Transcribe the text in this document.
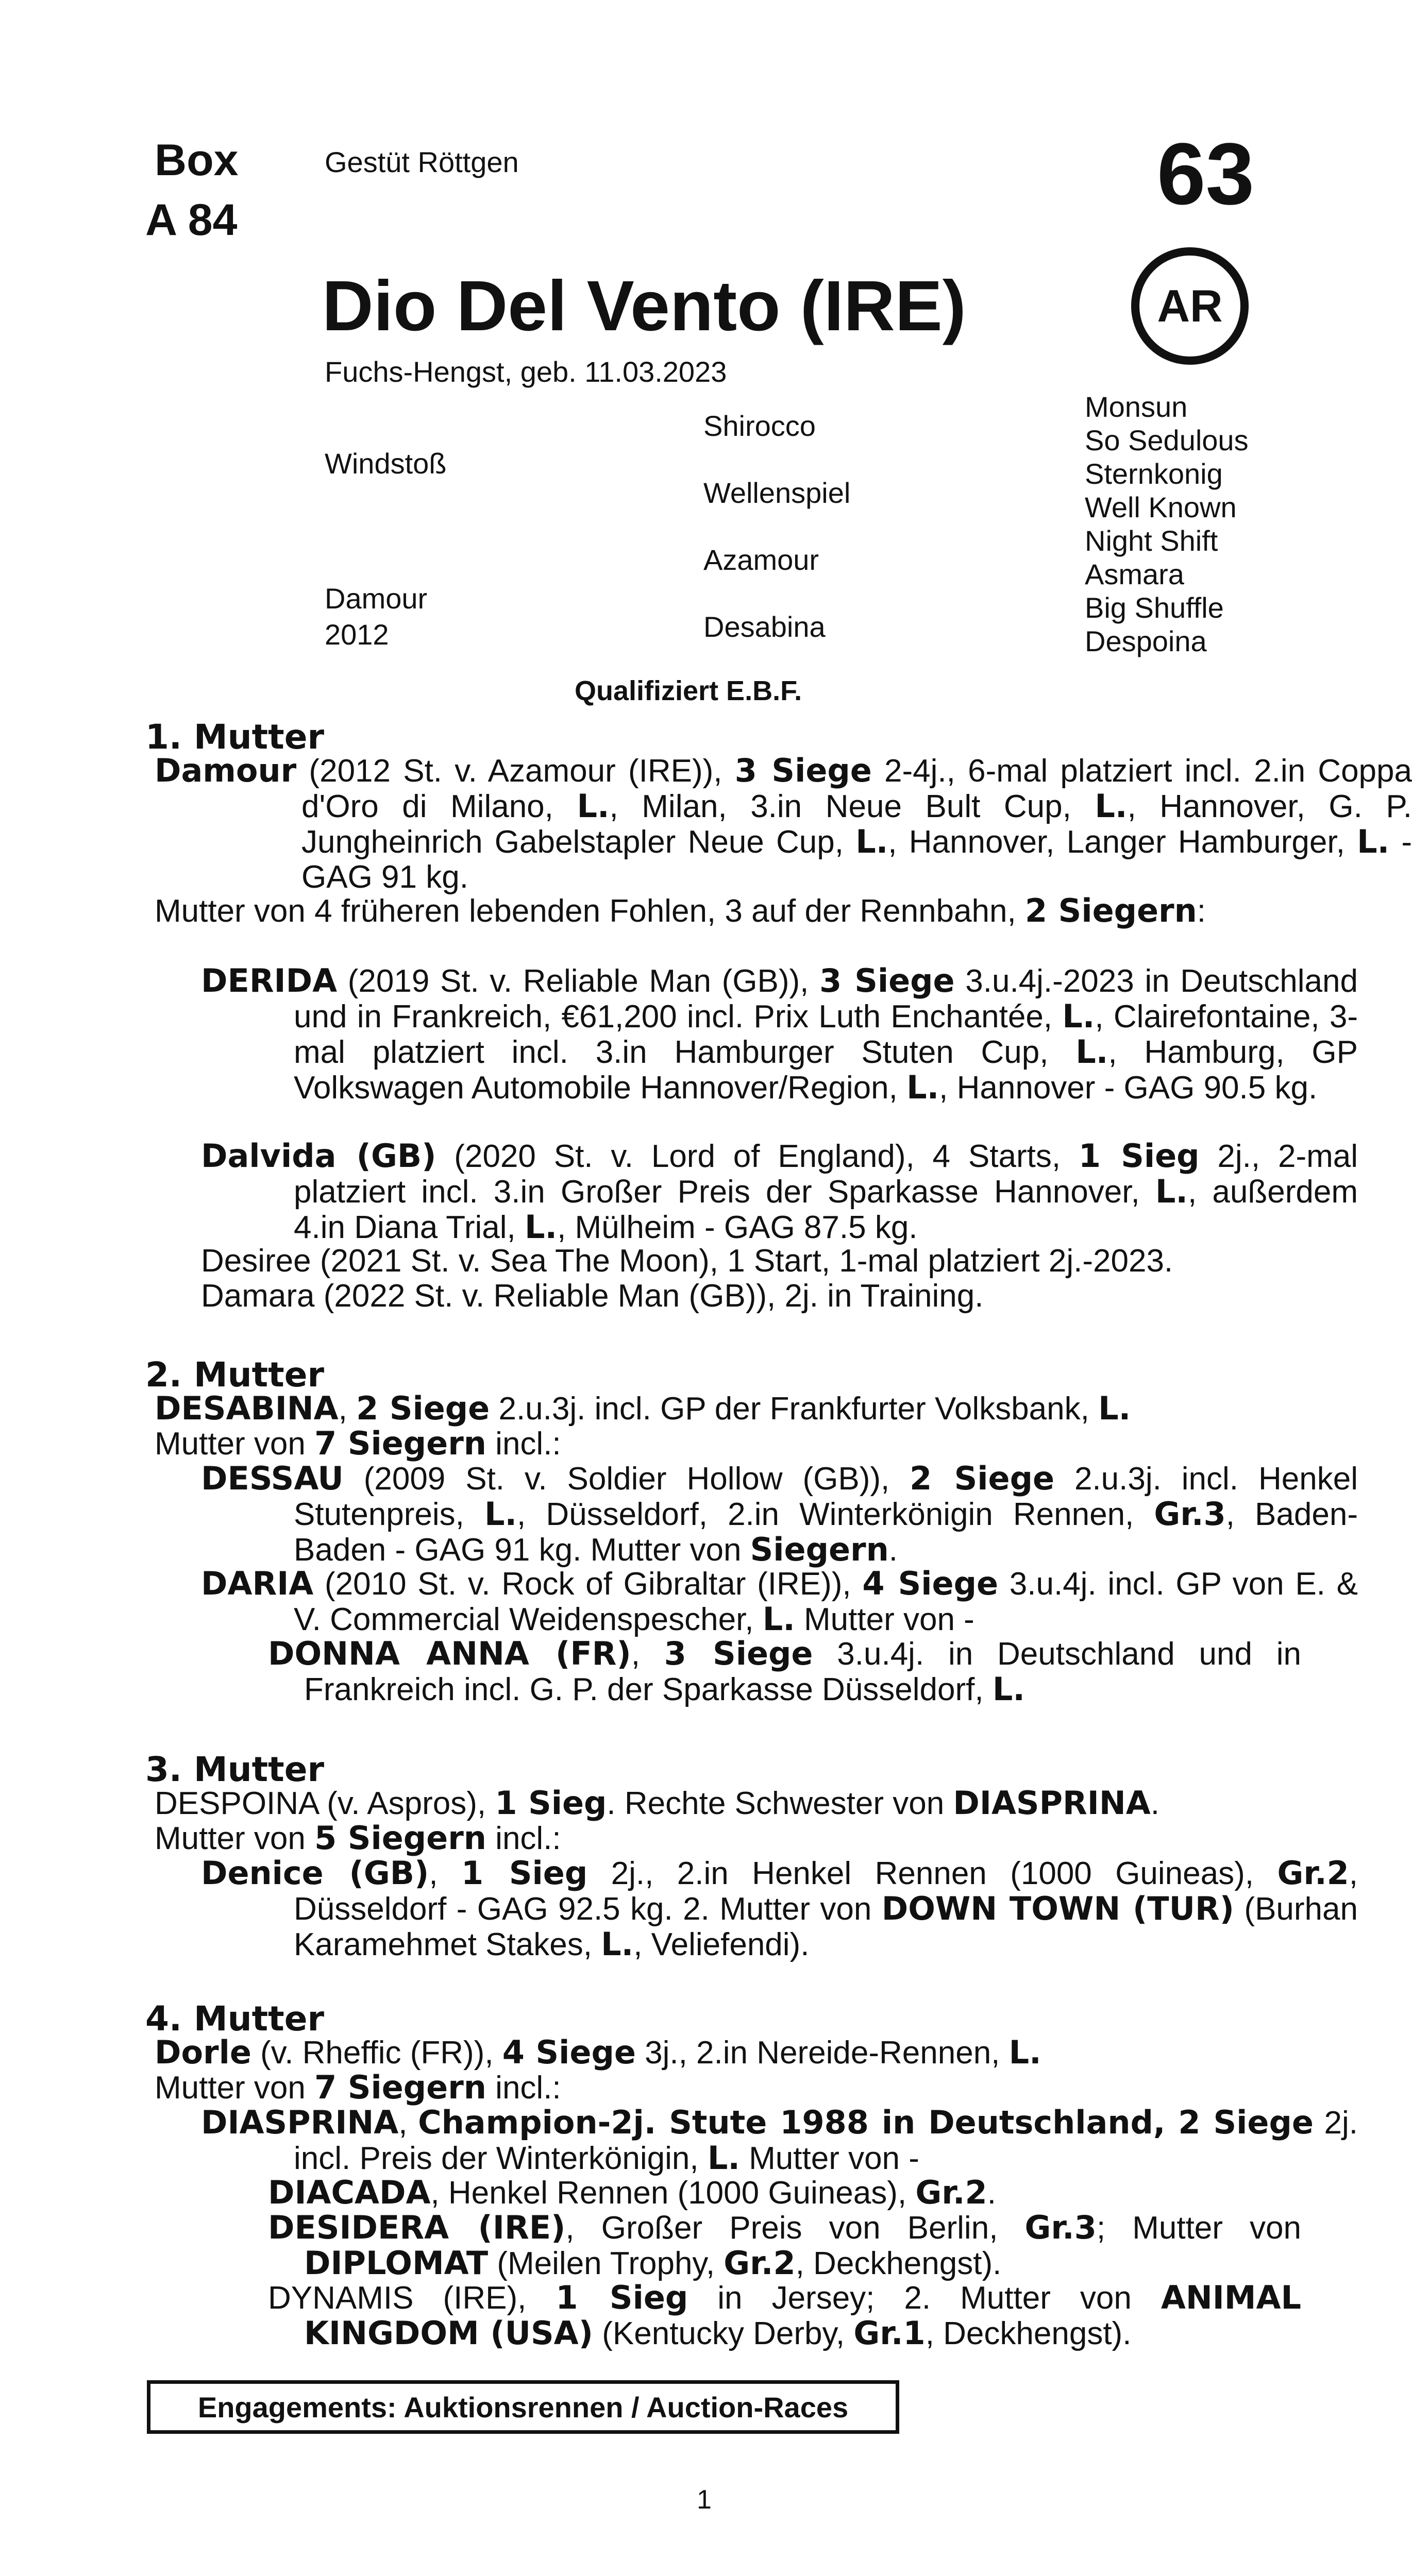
Box
A 84
Gestüt Röttgen	63
AR
Dio Del Vento (IRE)
Fuchs-Hengst, geb. 11.03.2023
Windstoß
Damour
2012
Shirocco
Wellenspiel
Azamour
Desabina
Monsun
So Sedulous
Sternkonig
Well Known
Night Shift
Asmara
Big Shuffle
Despoina
Qualifiziert E.B.F.
1. Mutter
Damour (2012 St. v. Azamour (IRE)), 3 Siege 2-4j., 6-mal platziert incl. 2.in Coppa d'Oro di Milano, L., Milan, 3.in Neue Bult Cup, L., Hannover, G. P. Jungheinrich Gabelstapler Neue Cup, L., Hannover, Langer Hamburger, L. - GAG 91 kg.
Mutter von 4 früheren lebenden Fohlen, 3 auf der Rennbahn, 2 Siegern:
DERIDA (2019 St. v. Reliable Man (GB)), 3 Siege 3.u.4j.-2023 in Deutschland und in Frankreich, €61,200 incl. Prix Luth Enchantée, L., Clairefontaine, 3-mal platziert incl. 3.in Hamburger Stuten Cup, L., Hamburg, GP Volkswagen Automobile Hannover/Region, L., Hannover - GAG 90.5 kg.
Dalvida (GB) (2020 St. v. Lord of England), 4 Starts, 1 Sieg 2j., 2-mal platziert incl. 3.in Großer Preis der Sparkasse Hannover, L., außerdem 4.in Diana Trial, L., Mülheim - GAG 87.5 kg.
Desiree (2021 St. v. Sea The Moon), 1 Start, 1-mal platziert 2j.-2023.
Damara (2022 St. v. Reliable Man (GB)), 2j. in Training.
2. Mutter
DESABINA, 2 Siege 2.u.3j. incl. GP der Frankfurter Volksbank, L.
Mutter von 7 Siegern incl.:
DESSAU (2009 St. v. Soldier Hollow (GB)), 2 Siege 2.u.3j. incl. Henkel Stutenpreis, L., Düsseldorf, 2.in Winterkönigin Rennen, Gr.3, Baden-Baden - GAG 91 kg. Mutter von Siegern.
DARIA (2010 St. v. Rock of Gibraltar (IRE)), 4 Siege 3.u.4j. incl. GP von E. & V. Commercial Weidenspescher, L. Mutter von -
DONNA ANNA (FR), 3 Siege 3.u.4j. in Deutschland und in Frankreich incl. G. P. der Sparkasse Düsseldorf, L.
3. Mutter
DESPOINA (v. Aspros), 1 Sieg. Rechte Schwester von DIASPRINA.
Mutter von 5 Siegern incl.:
Denice (GB), 1 Sieg 2j., 2.in Henkel Rennen (1000 Guineas), Gr.2, Düsseldorf - GAG 92.5 kg. 2. Mutter von DOWN TOWN (TUR) (Burhan Karamehmet Stakes, L., Veliefendi).
4. Mutter
Dorle (v. Rheffic (FR)), 4 Siege 3j., 2.in Nereide-Rennen, L.
Mutter von 7 Siegern incl.:
DIASPRINA, Champion-2j. Stute 1988 in Deutschland, 2 Siege 2j. incl. Preis der Winterkönigin, L. Mutter von -
DIACADA, Henkel Rennen (1000 Guineas), Gr.2.
DESIDERA (IRE), Großer Preis von Berlin, Gr.3; Mutter von DIPLOMAT (Meilen Trophy, Gr.2, Deckhengst).
DYNAMIS (IRE), 1 Sieg in Jersey; 2. Mutter von ANIMAL KINGDOM (USA) (Kentucky Derby, Gr.1, Deckhengst).
Engagements: Auktionsrennen / Auction-Races
1
